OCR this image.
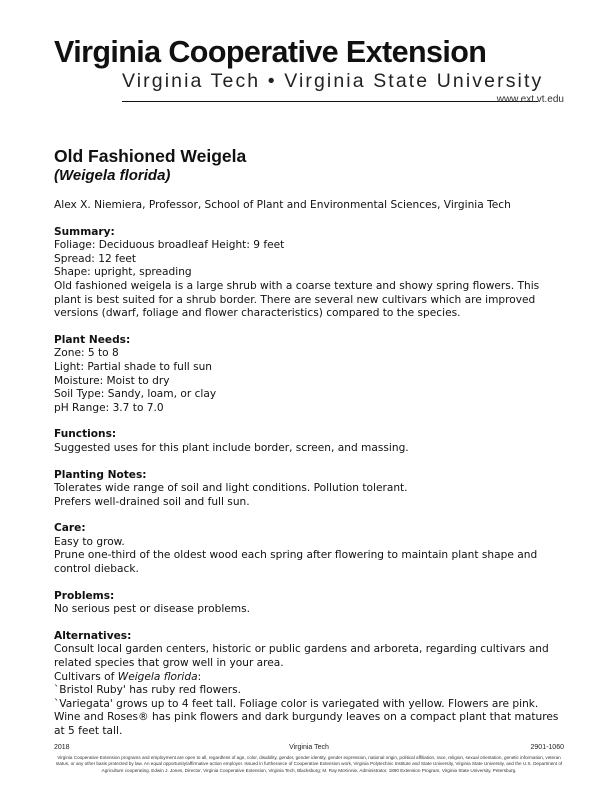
Virginia Cooperative Extension
Virginia Tech • Virginia State University
www.ext.vt.edu
Old Fashioned Weigela
(Weigela florida)
Alex X. Niemiera, Professor, School of Plant and Environmental Sciences, Virginia Tech
Summary:

Foliage: Deciduous broadleaf Height: 9 feet

Spread: 12 feet

Shape: upright, spreading

Old fashioned weigela is a large shrub with a coarse texture and showy spring flowers. This plant is best suited for a shrub border. There are several new cultivars which are improved versions (dwarf, foliage and flower characteristics) compared to the species.

Plant Needs:

Zone: 5 to 8

Light: Partial shade to full sun

Moisture: Moist to dry

Soil Type: Sandy, loam, or clay

pH Range: 3.7 to 7.0

Functions:

Suggested uses for this plant include border, screen, and massing.

Planting Notes:

Tolerates wide range of soil and light conditions. Pollution tolerant.

Prefers well-drained soil and full sun.

Care:

Easy to grow.

Prune one-third of the oldest wood each spring after flowering to maintain plant shape and control dieback.

Problems:

No serious pest or disease problems.

Alternatives:

Consult local garden centers, historic or public gardens and arboreta, regarding cultivars and related species that grow well in your area.

Cultivars of Weigela florida:

`Bristol Ruby' has ruby red flowers.

`Variegata' grows up to 4 feet tall. Foliage color is variegated with yellow. Flowers are pink. Wine and Roses® has pink flowers and dark burgundy leaves on a compact plant that matures at 5 feet tall.

2018	Virginia Tech	2901-1060
Virginia Cooperative Extension programs and employment are open to all, regardless of age, color, disability, gender, gender identity, gender expression, national origin, political affiliation, race, religion, sexual orientation, genetic information, veteran status, or any other basis protected by law. An equal opportunity/affirmative action employer. Issued in furtherance of Cooperative Extension work, Virginia Polytechnic Institute and State University, Virginia State University, and the U.S. Department of Agriculture cooperating. Edwin J. Jones, Director, Virginia Cooperative Extension, Virginia Tech, Blacksburg; M. Ray McKinnie, Administrator, 1890 Extension Program, Virginia State University, Petersburg.
